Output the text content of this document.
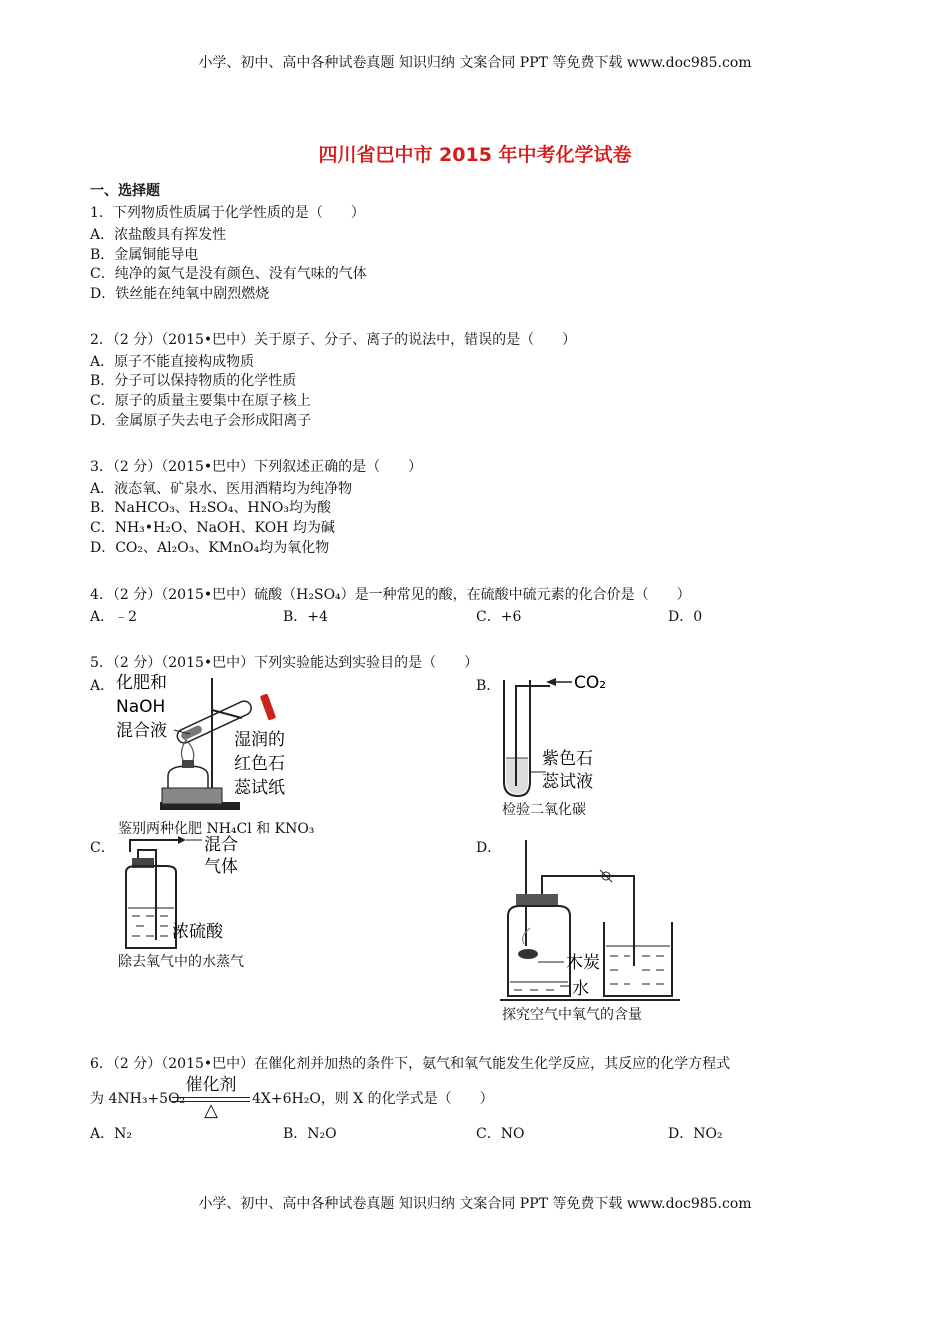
小学、初中、高中各种试卷真题 知识归纳 文案合同 PPT 等免费下载 www.doc985.com
四川省巴中市 2015 年中考化学试卷
一、选择题
1．下列物质性质属于化学性质的是（　　）
A．浓盐酸具有挥发性
B．金属铜能导电
C．纯净的氮气是没有颜色、没有气味的气体
D．铁丝能在纯氧中剧烈燃烧
2．（2 分）（2015•巴中）关于原子、分子、离子的说法中，错误的是（　　）
A．原子不能直接构成物质
B．分子可以保持物质的化学性质
C．原子的质量主要集中在原子核上
D．金属原子失去电子会形成阳离子
3．（2 分）（2015•巴中）下列叙述正确的是（　　）
A．液态氧、矿泉水、医用酒精均为纯净物
B．NaHCO₃、H₂SO₄、HNO₃均为酸
C．NH₃•H₂O、NaOH、KOH 均为碱
D．CO₂、Al₂O₃、KMnO₄均为氧化物
4．（2 分）（2015•巴中）硫酸（H₂SO₄）是一种常见的酸，在硫酸中硫元素的化合价是（　　）
A．﹣2	B．+4	C．+6	D．0
5．（2 分）（2015•巴中）下列实验能达到实验目的是（　　）
A．	B．
C．	D．
化肥和
NaOH
混合液	湿润的
红色石
蕊试纸
鉴别两种化肥 NH₄Cl 和 KNO₃
CO₂
紫色石
蕊试液
检验二氧化碳
混合
气体
浓硫酸
除去氧气中的水蒸气	木炭
水
探究空气中氧气的含量
6．（2 分）（2015•巴中）在催化剂并加热的条件下，氨气和氧气能发生化学反应，其反应的化学方程式
为 4NH₃+5O₂
催化剂
△
4X+6H₂O，则 X 的化学式是（　　）
A．N₂	B．N₂O	C．NO	D．NO₂
小学、初中、高中各种试卷真题 知识归纳 文案合同 PPT 等免费下载 www.doc985.com
